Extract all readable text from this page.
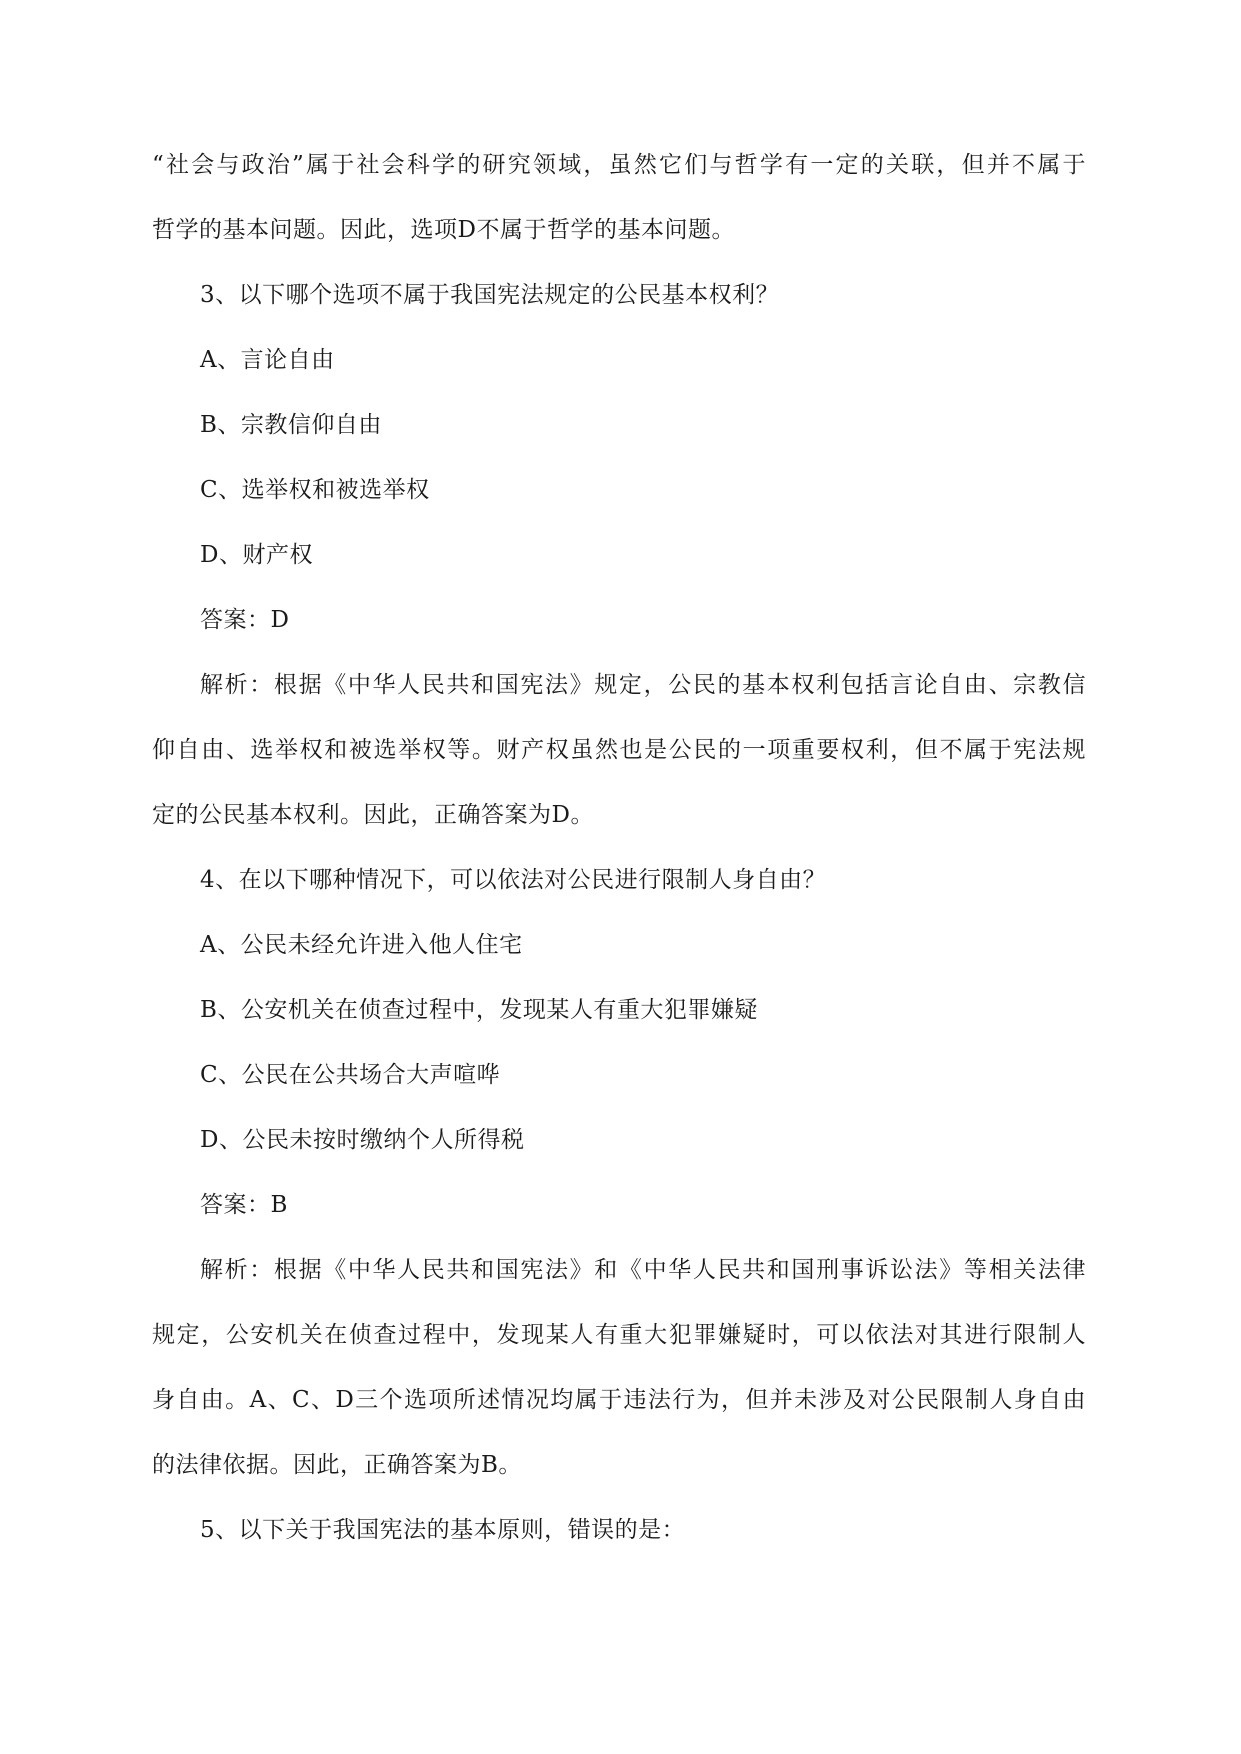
“社会与政治”属于社会科学的研究领域，虽然它们与哲学有一定的关联，但并不属于
哲学的基本问题。因此，选项D不属于哲学的基本问题。
3、以下哪个选项不属于我国宪法规定的公民基本权利？
A、言论自由
B、宗教信仰自由
C、选举权和被选举权
D、财产权
答案：D
解析：根据《中华人民共和国宪法》规定，公民的基本权利包括言论自由、宗教信
仰自由、选举权和被选举权等。财产权虽然也是公民的一项重要权利，但不属于宪法规
定的公民基本权利。因此，正确答案为D。
4、在以下哪种情况下，可以依法对公民进行限制人身自由？
A、公民未经允许进入他人住宅
B、公安机关在侦查过程中，发现某人有重大犯罪嫌疑
C、公民在公共场合大声喧哗
D、公民未按时缴纳个人所得税
答案：B
解析：根据《中华人民共和国宪法》和《中华人民共和国刑事诉讼法》等相关法律
规定，公安机关在侦查过程中，发现某人有重大犯罪嫌疑时，可以依法对其进行限制人
身自由。A、C、D三个选项所述情况均属于违法行为，但并未涉及对公民限制人身自由
的法律依据。因此，正确答案为B。
5、以下关于我国宪法的基本原则，错误的是：
